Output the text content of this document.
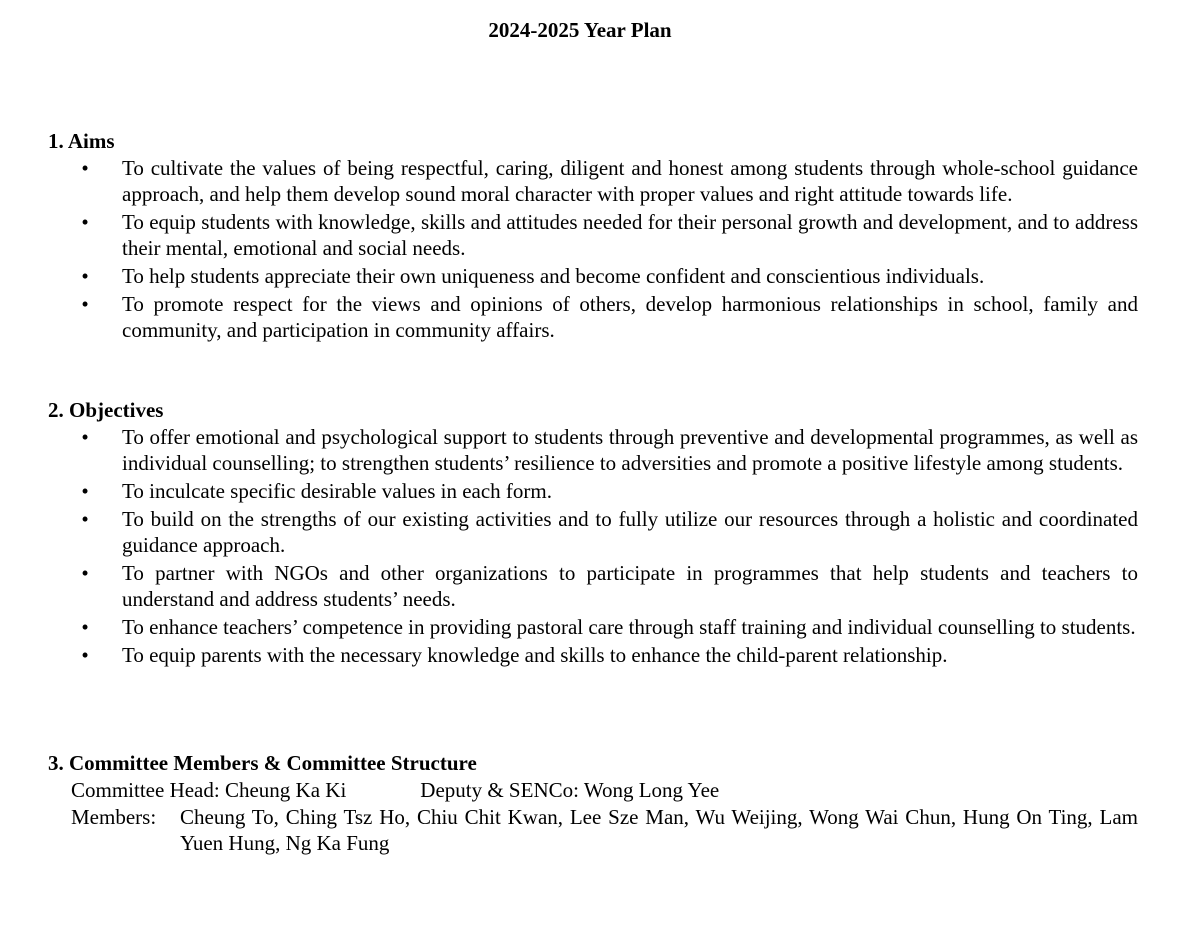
2024-2025 Year Plan
1. Aims
• To cultivate the values of being respectful, caring, diligent and honest among students through whole-school guidance approach, and help them develop sound moral character with proper values and right attitude towards life.
• To equip students with knowledge, skills and attitudes needed for their personal growth and development, and to address their mental, emotional and social needs.
• To help students appreciate their own uniqueness and become confident and conscientious individuals.
• To promote respect for the views and opinions of others, develop harmonious relationships in school, family and community, and participation in community affairs.
2. Objectives
• To offer emotional and psychological support to students through preventive and developmental programmes, as well as individual counselling; to strengthen students’ resilience to adversities and promote a positive lifestyle among students.
• To inculcate specific desirable values in each form.
• To build on the strengths of our existing activities and to fully utilize our resources through a holistic and coordinated guidance approach.
• To partner with NGOs and other organizations to participate in programmes that help students and teachers to understand and address students’ needs.
• To enhance teachers’ competence in providing pastoral care through staff training and individual counselling to students.
• To equip parents with the necessary knowledge and skills to enhance the child-parent relationship.
3. Committee Members & Committee Structure
Committee Head: Cheung Ka Ki	Deputy & SENCo: Wong Long Yee
Members: Cheung To, Ching Tsz Ho, Chiu Chit Kwan, Lee Sze Man, Wu Weijing, Wong Wai Chun, Hung On Ting, Lam Yuen Hung, Ng Ka Fung
